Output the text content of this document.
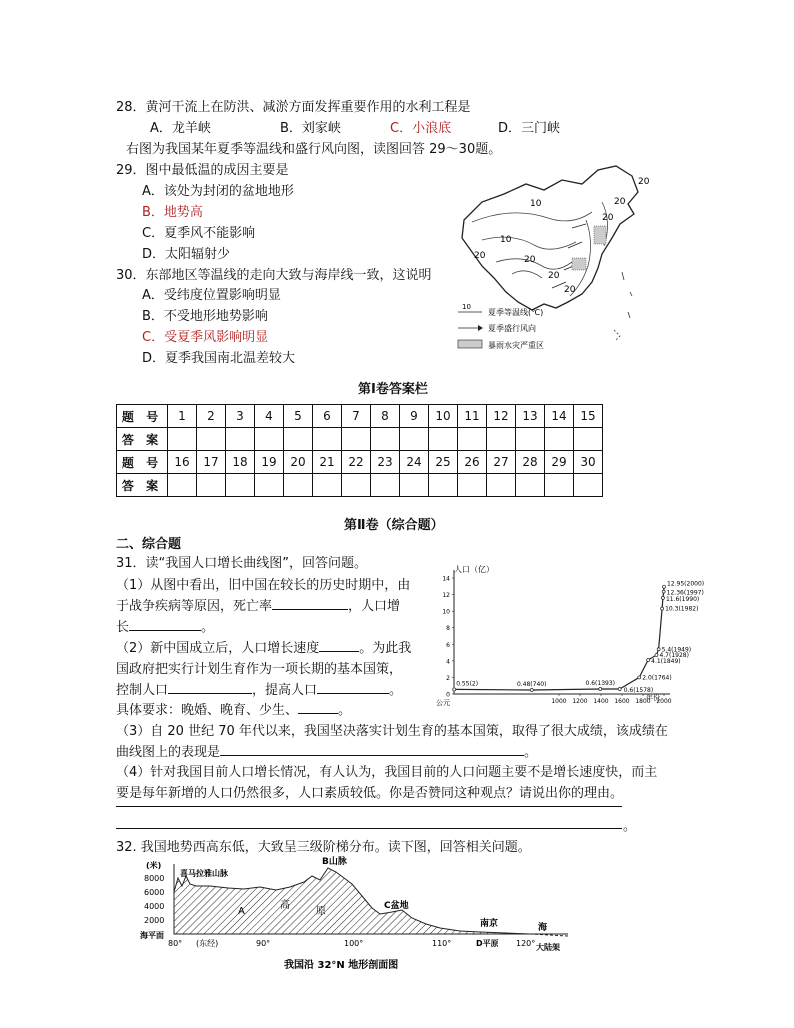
28．黄河干流上在防洪、减淤方面发挥重要作用的水利工程是
A．龙羊峡	B．刘家峡	C．小浪底	D．三门峡
右图为我国某年夏季等温线和盛行风向图，读图回答 29～30题。
29．图中最低温的成因主要是
A．该处为封闭的盆地地形
B．地势高
C．夏季风不能影响
D．太阳辐射少
30．东部地区等温线的走向大致与海岸线一致，这说明
A．受纬度位置影响明显
B．不受地形地势影响
C．受夏季风影响明显
D．夏季我国南北温差较大
20
20
20
10
10
20
20
20
20
10
夏季等温线(℃)
夏季盛行风向
暴雨水灾严重区
第Ⅰ卷答案栏
题 号	1	2	3	4	5	6	7	8	9	10	11	12	13	14	15
答 案															
题 号	16	17	18	19	20	21	22	23	24	25	26	27	28	29	30
答 案															
第Ⅱ卷（综合题）
二、综合题
31．读“我国人口增长曲线图”，回答问题。
（1）从图中看出，旧中国在较长的历史时期中，由
于战争疾病等原因，死亡率	，人口增
长	。
（2）新中国成立后，人口增长速度	。为此我
国政府把实行计划生育作为一项长期的基本国策，
控制人口	，提高人口	。
具体要求：晚婚、晚育、少生、	。
（3）自 20 世纪 70 年代以来，我国坚决落实计划生育的基本国策，取得了很大成绩，该成绩在
曲线图上的表现是	。
（4）针对我国目前人口增长情况，有人认为，我国目前的人口问题主要不是增长速度快，而主
要是每年新增的人口仍然很多，人口素质较低。你是否赞同这种观点？请说出你的理由。
。
0
2
4
6
8
10
12
14
1000 1200 1400 1600 1800 2000
0.55(2)	0.48(740)	0.6(1393)
0.6(1578)
2.0(1764)
4.1(1849)
4.7(1928)
5.4(1949)
10.3(1982)
11.6(1990)
12.36(1997)
12.95(2000)
人口（亿）
年份
公元
32. 我国地势西高东低，大致呈三级阶梯分布。读下图，回答相关问题。
(米)
8000
6000
4000
2000
海平面
喜马拉雅山脉
B山脉
A
高
原	C盆地
南京	海
大陆架
80° (东经)	90°	100°	110°	D平原 120°
我国沿 32°N 地形剖面图
